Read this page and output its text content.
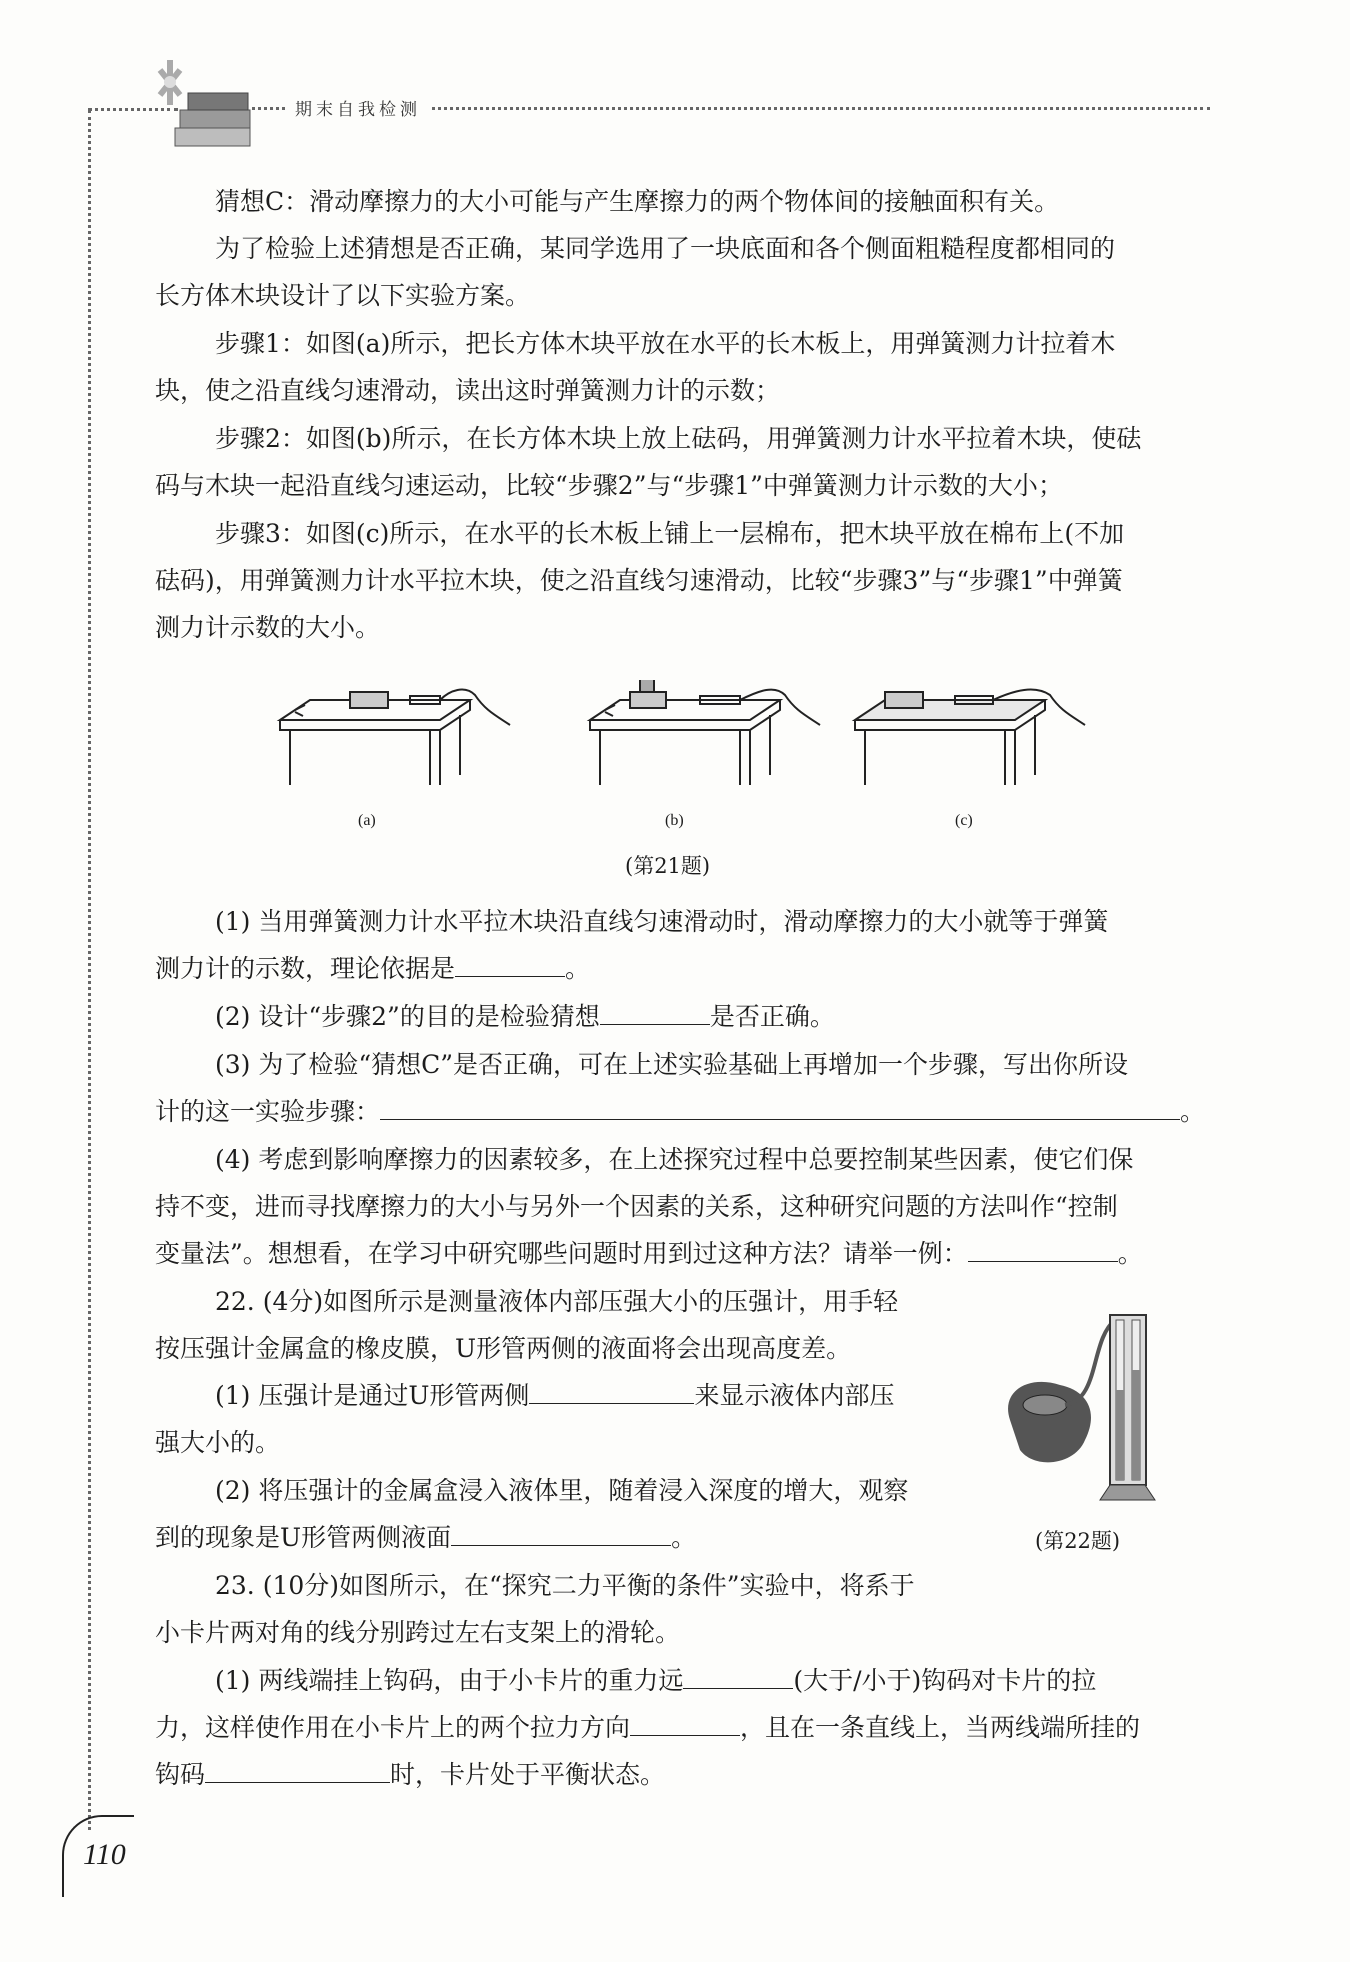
期末自我检测

猜想C：滑动摩擦力的大小可能与产生摩擦力的两个物体间的接触面积有关。

为了检验上述猜想是否正确，某同学选用了一块底面和各个侧面粗糙程度都相同的

长方体木块设计了以下实验方案。

步骤1：如图(a)所示，把长方体木块平放在水平的长木板上，用弹簧测力计拉着木

块，使之沿直线匀速滑动，读出这时弹簧测力计的示数；

步骤2：如图(b)所示，在长方体木块上放上砝码，用弹簧测力计水平拉着木块，使砝

码与木块一起沿直线匀速运动，比较“步骤2”与“步骤1”中弹簧测力计示数的大小；

步骤3：如图(c)所示，在水平的长木板上铺上一层棉布，把木块平放在棉布上(不加

砝码)，用弹簧测力计水平拉木块，使之沿直线匀速滑动，比较“步骤3”与“步骤1”中弹簧

测力计示数的大小。

(a)	(b)	(c)
(第21题)

(1) 当用弹簧测力计水平拉木块沿直线匀速滑动时，滑动摩擦力的大小就等于弹簧

测力计的示数，理论依据是	。

(2) 设计“步骤2”的目的是检验猜想	是否正确。

(3) 为了检验“猜想C”是否正确，可在上述实验基础上再增加一个步骤，写出你所设

计的这一实验步骤：	。

(4) 考虑到影响摩擦力的因素较多，在上述探究过程中总要控制某些因素，使它们保

持不变，进而寻找摩擦力的大小与另外一个因素的关系，这种研究问题的方法叫作“控制

变量法”。想想看，在学习中研究哪些问题时用到过这种方法？请举一例：	。

22. (4分)如图所示是测量液体内部压强大小的压强计，用手轻

按压强计金属盒的橡皮膜，U形管两侧的液面将会出现高度差。

(1) 压强计是通过U形管两侧	来显示液体内部压

强大小的。

(2) 将压强计的金属盒浸入液体里，随着浸入深度的增大，观察

到的现象是U形管两侧液面	。	(第22题)

23. (10分)如图所示，在“探究二力平衡的条件”实验中，将系于

小卡片两对角的线分别跨过左右支架上的滑轮。

(1) 两线端挂上钩码，由于小卡片的重力远	(大于/小于)钩码对卡片的拉

力，这样使作用在小卡片上的两个拉力方向	，且在一条直线上，当两线端所挂的

钩码	时，卡片处于平衡状态。

110
